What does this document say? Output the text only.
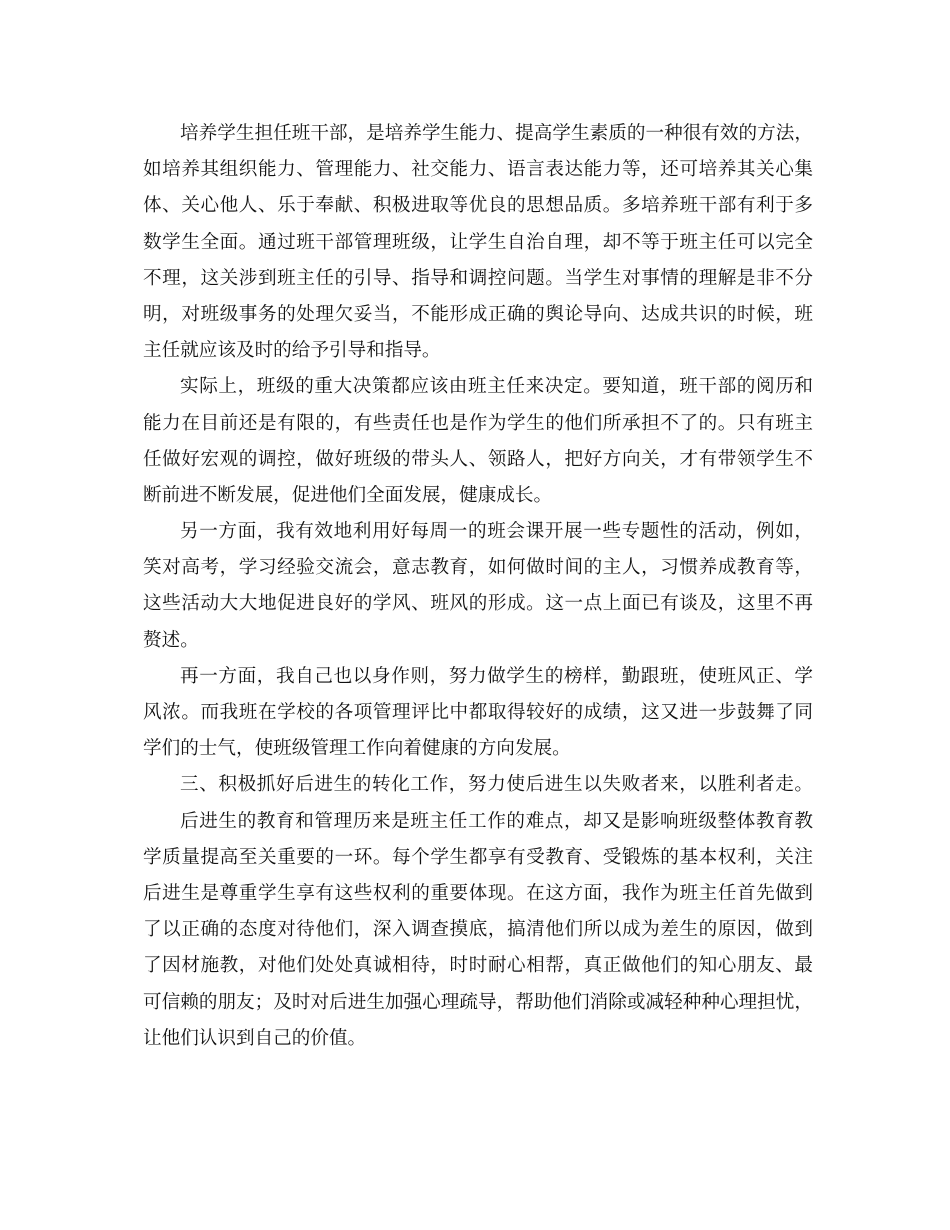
培养学生担任班干部，是培养学生能力、提高学生素质的一种很有效的方法，
如培养其组织能力、管理能力、社交能力、语言表达能力等，还可培养其关心集
体、关心他人、乐于奉献、积极进取等优良的思想品质。多培养班干部有利于多
数学生全面。通过班干部管理班级，让学生自治自理，却不等于班主任可以完全
不理，这关涉到班主任的引导、指导和调控问题。当学生对事情的理解是非不分
明，对班级事务的处理欠妥当，不能形成正确的舆论导向、达成共识的时候，班
主任就应该及时的给予引导和指导。
实际上，班级的重大决策都应该由班主任来决定。要知道，班干部的阅历和
能力在目前还是有限的，有些责任也是作为学生的他们所承担不了的。只有班主
任做好宏观的调控，做好班级的带头人、领路人，把好方向关，才有带领学生不
断前进不断发展，促进他们全面发展，健康成长。
另一方面，我有效地利用好每周一的班会课开展一些专题性的活动，例如，
笑对高考，学习经验交流会，意志教育，如何做时间的主人，习惯养成教育等，
这些活动大大地促进良好的学风、班风的形成。这一点上面已有谈及，这里不再
赘述。
再一方面，我自己也以身作则，努力做学生的榜样，勤跟班，使班风正、学
风浓。而我班在学校的各项管理评比中都取得较好的成绩，这又进一步鼓舞了同
学们的士气，使班级管理工作向着健康的方向发展。
三、积极抓好后进生的转化工作，努力使后进生以失败者来，以胜利者走。
后进生的教育和管理历来是班主任工作的难点，却又是影响班级整体教育教
学质量提高至关重要的一环。每个学生都享有受教育、受锻炼的基本权利，关注
后进生是尊重学生享有这些权利的重要体现。在这方面，我作为班主任首先做到
了以正确的态度对待他们，深入调查摸底，搞清他们所以成为差生的原因，做到
了因材施教，对他们处处真诚相待，时时耐心相帮，真正做他们的知心朋友、最
可信赖的朋友；及时对后进生加强心理疏导，帮助他们消除或减轻种种心理担忧，
让他们认识到自己的价值。
